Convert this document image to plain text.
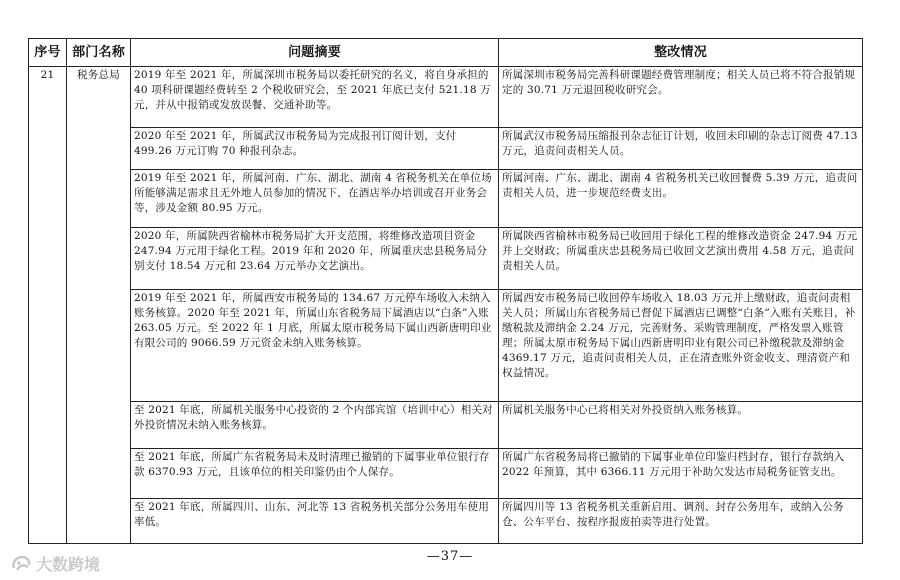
序号	部门名称	问题摘要	整改情况
21	税务总局	2019 年至 2021 年，所属深圳市税务局以委托研究的名义，将自身承担的 40 项科研课题经费转至 2 个税收研究会，至 2021 年底已支付 521.18 万元，并从中报销或发放误餐、交通补助等。	所属深圳市税务局完善科研课题经费管理制度；相关人员已将不符合报销规定的 30.71 万元退回税收研究会。
		2020 年至 2021 年，所属武汉市税务局为完成报刊订阅计划，支付 499.26 万元订购 70 种报刊杂志。	所属武汉市税务局压缩报刊杂志征订计划，收回未印刷的杂志订阅费 47.13 万元，追责问责相关人员。
		2019 年至 2021 年，所属河南、广东、湖北、湖南 4 省税务机关在单位场所能够满足需求且无外地人员参加的情况下，在酒店举办培训或召开业务会等，涉及金额 80.95 万元。	所属河南、广东、湖北、湖南 4 省税务机关已收回餐费 5.39 万元，追责问责相关人员，进一步规范经费支出。
		2020 年，所属陕西省榆林市税务局扩大开支范围，将维修改造项目资金 247.94 万元用于绿化工程。2019 年和 2020 年，所属重庆忠县税务局分别支付 18.54 万元和 23.64 万元举办文艺演出。	所属陕西省榆林市税务局已收回用于绿化工程的维修改造资金 247.94 万元并上交财政；所属重庆忠县税务局已收回文艺演出费用 4.58 万元，追责问责相关人员。
		2019 年至 2021 年，所属西安市税务局的 134.67 万元停车场收入未纳入账务核算。2020 年至 2021 年，所属山东省税务局下属酒店以“白条”入账 263.05 万元。至 2022 年 1 月底，所属太原市税务局下属山西新唐明印业有限公司的 9066.59 万元资金未纳入账务核算。	所属西安市税务局已收回停车场收入 18.03 万元并上缴财政，追责问责相关人员；所属山东省税务局已督促下属酒店已调整“白条”入账有关账目，补缴税款及滞纳金 2.24 万元，完善财务、采购管理制度，严格发票入账管理；所属太原市税务局下属山西新唐明印业有限公司已补缴税款及滞纳金 4369.17 万元，追责问责相关人员，正在清查账外资金收支、理清资产和权益情况。
		至 2021 年底，所属机关服务中心投资的 2 个内部宾馆（培训中心）相关对外投资情况未纳入账务核算。	所属机关服务中心已将相关对外投资纳入账务核算。
		至 2021 年底，所属广东省税务局未及时清理已撤销的下属事业单位银行存款 6370.93 万元，且该单位的相关印鉴仍由个人保存。	所属广东省税务局将已撤销的下属事业单位印鉴归档封存，银行存款纳入 2022 年预算，其中 6366.11 万元用于补助欠发达市局税务征管支出。
		至 2021 年底，所属四川、山东、河北等 13 省税务机关部分公务用车使用率低。	所属四川等 13 省税务机关重新启用、调剂、封存公务用车，或纳入公务仓、公车平台、按程序报废拍卖等进行处置。
—37—
大数跨境
